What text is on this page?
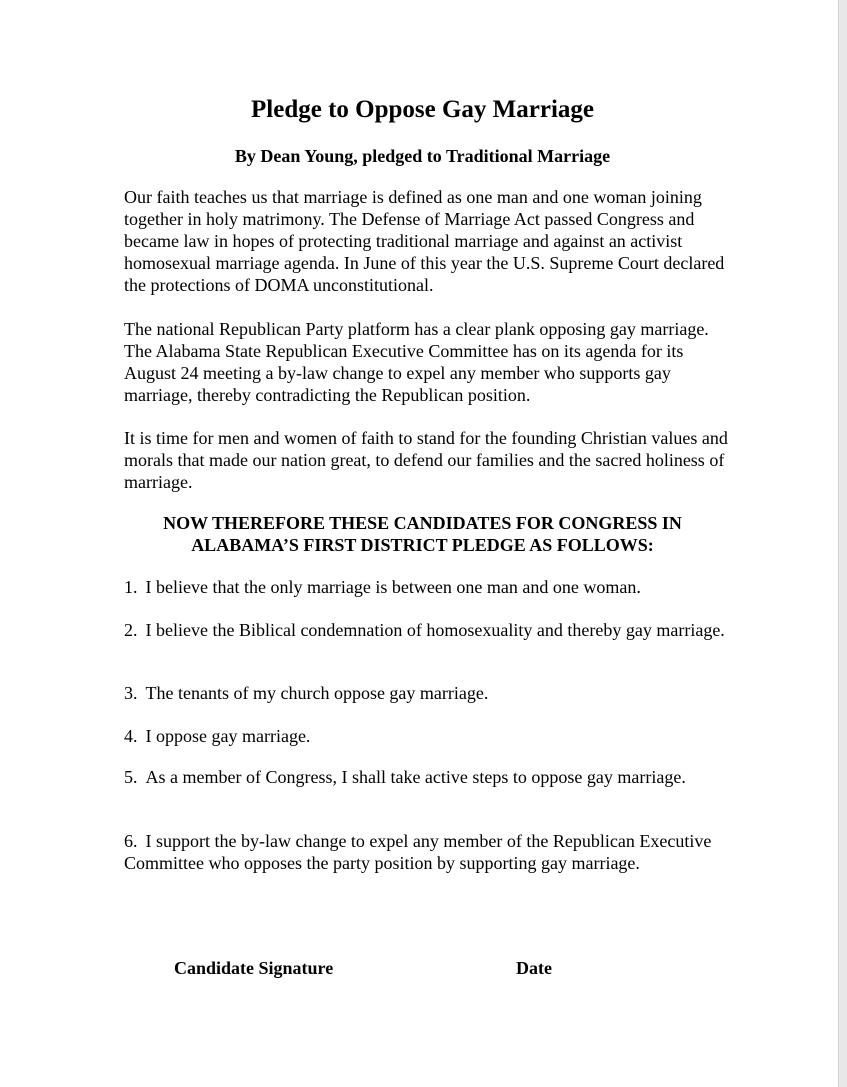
Pledge to Oppose Gay Marriage

By Dean Young, pledged to Traditional Marriage

Our faith teaches us that marriage is defined as one man and one woman joining together in holy matrimony. The Defense of Marriage Act passed Congress and became law in hopes of protecting traditional marriage and against an activist homosexual marriage agenda. In June of this year the U.S. Supreme Court declared the protections of DOMA unconstitutional.

The national Republican Party platform has a clear plank opposing gay marriage. The Alabama State Republican Executive Committee has on its agenda for its August 24 meeting a by-law change to expel any member who supports gay marriage, thereby contradicting the Republican position.

It is time for men and women of faith to stand for the founding Christian values and morals that made our nation great, to defend our families and the sacred holiness of marriage.

NOW THEREFORE THESE CANDIDATES FOR CONGRESS IN ALABAMA’S FIRST DISTRICT PLEDGE AS FOLLOWS:

1. I believe that the only marriage is between one man and one woman.

2. I believe the Biblical condemnation of homosexuality and thereby gay marriage.

3. The tenants of my church oppose gay marriage.

4. I oppose gay marriage.

5. As a member of Congress, I shall take active steps to oppose gay marriage.

6. I support the by-law change to expel any member of the Republican Executive Committee who opposes the party position by supporting gay marriage.

Candidate Signature	Date
